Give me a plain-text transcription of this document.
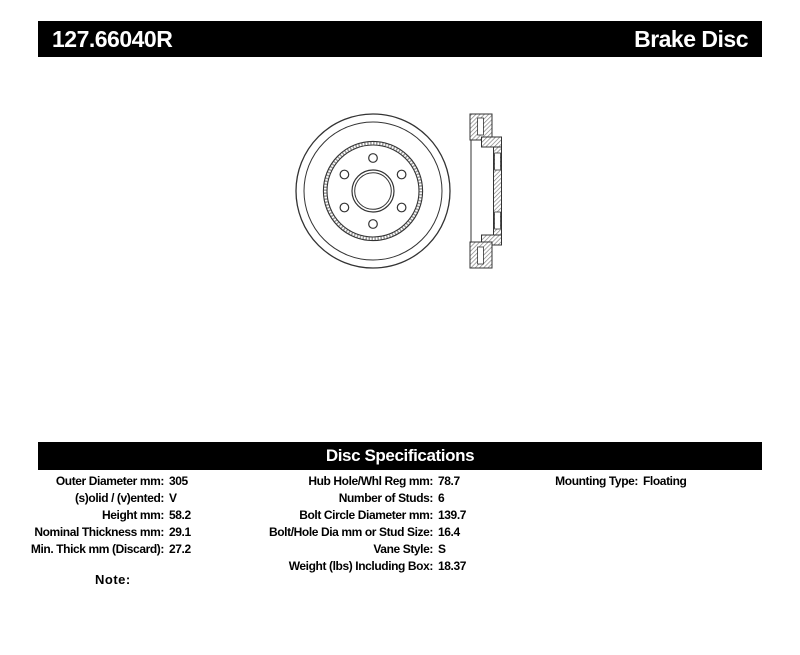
127.66040R	Brake Disc
Disc Specifications
Outer Diameter mm: 305
(s)olid / (v)ented: V
Height mm: 58.2
Nominal Thickness mm: 29.1
Min. Thick mm (Discard): 27.2
Hub Hole/Whl Reg mm: 78.7
Number of Studs: 6
Bolt Circle Diameter mm: 139.7
Bolt/Hole Dia mm or Stud Size: 16.4
Vane Style: S
Weight (lbs) Including Box: 18.37
Mounting Type: Floating
Note:
